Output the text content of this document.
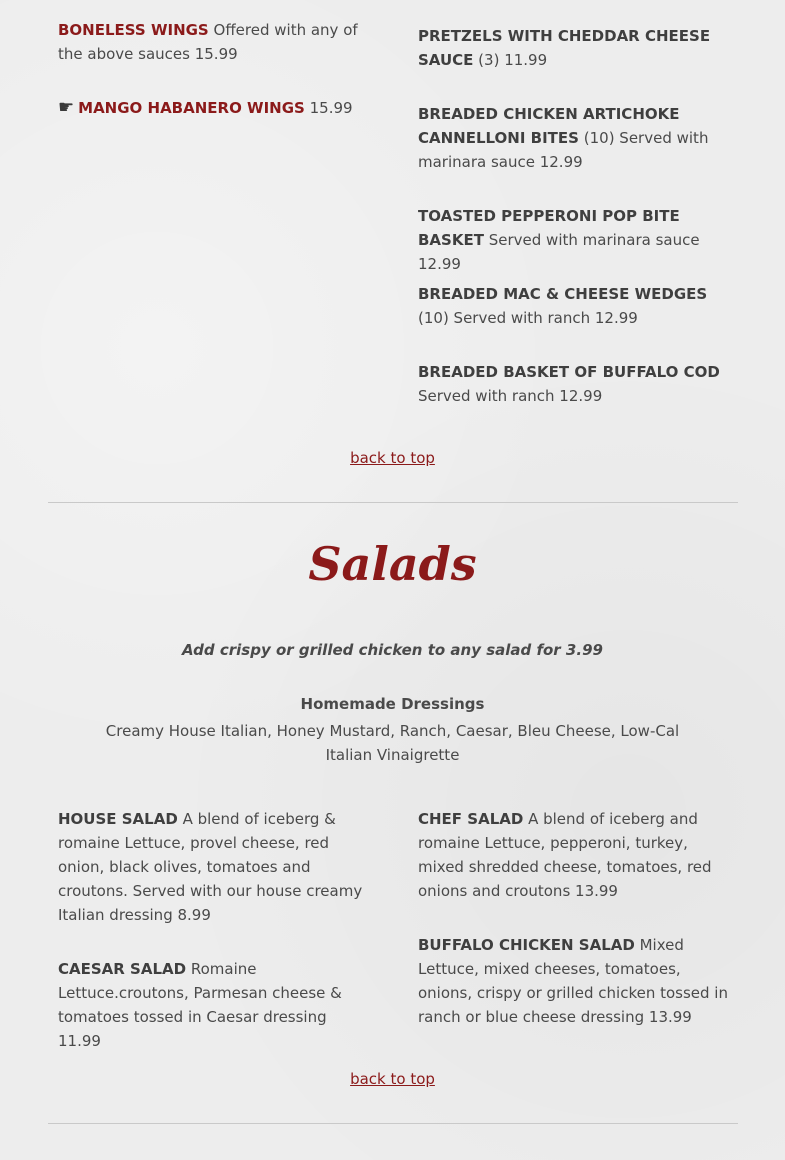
BONELESS WINGS Offered with any of the above sauces 15.99

☛ MANGO HABANERO WINGS 15.99

PRETZELS WITH CHEDDAR CHEESE SAUCE (3) 11.99

BREADED CHICKEN ARTICHOKE CANNELLONI BITES (10) Served with marinara sauce 12.99

TOASTED PEPPERONI POP BITE BASKET Served with marinara sauce 12.99

BREADED MAC & CHEESE WEDGES (10) Served with ranch 12.99

BREADED BASKET OF BUFFALO COD Served with ranch 12.99

back to top
Salads
Add crispy or grilled chicken to any salad for 3.99
Homemade Dressings
Creamy House Italian, Honey Mustard, Ranch, Caesar, Bleu Cheese, Low-Cal Italian Vinaigrette

HOUSE SALAD A blend of iceberg & romaine Lettuce, provel cheese, red onion, black olives, tomatoes and croutons. Served with our house creamy Italian dressing 8.99

CAESAR SALAD Romaine Lettuce.croutons, Parmesan cheese & tomatoes tossed in Caesar dressing 11.99

CHEF SALAD A blend of iceberg and romaine Lettuce, pepperoni, turkey, mixed shredded cheese, tomatoes, red onions and croutons 13.99

BUFFALO CHICKEN SALAD Mixed Lettuce, mixed cheeses, tomatoes, onions, crispy or grilled chicken tossed in ranch or blue cheese dressing 13.99

back to top
